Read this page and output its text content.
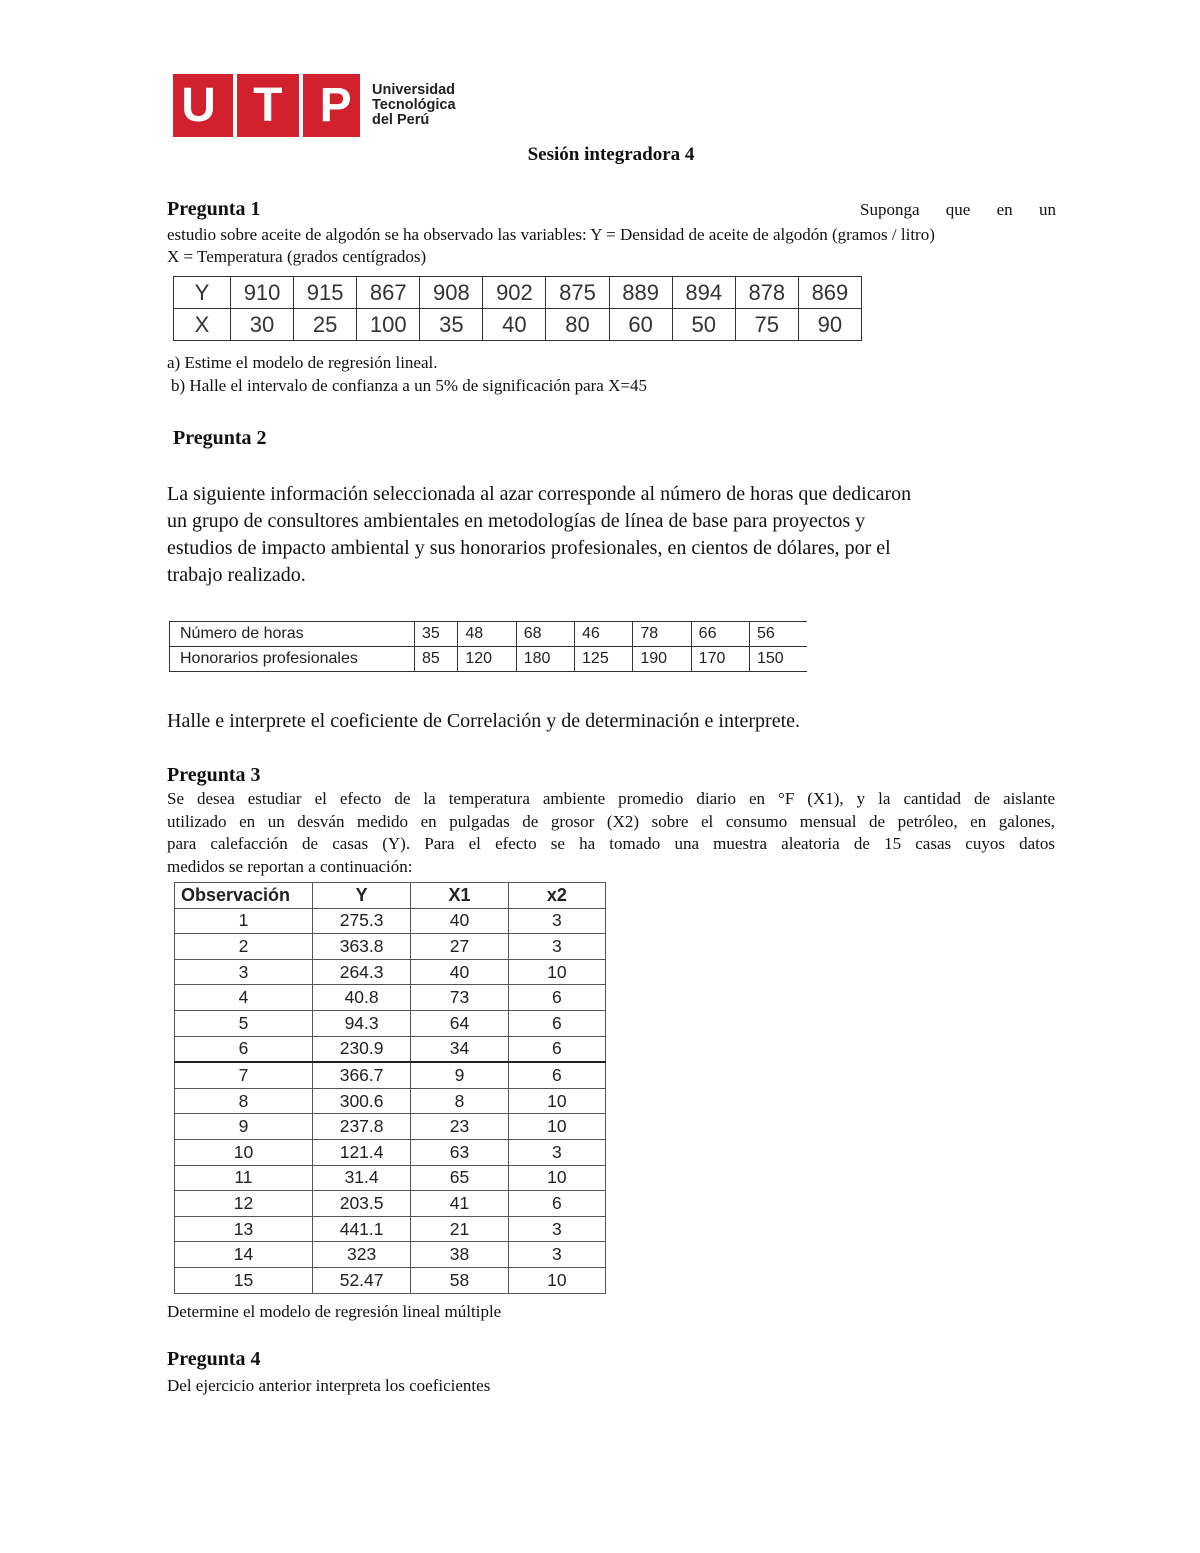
U T P Universidad
Tecnológica
del Perú
Sesión integradora 4
Pregunta 1	Suponga que en un
estudio sobre aceite de algodón se ha observado las variables: Y = Densidad de aceite de algodón (gramos / litro)
X = Temperatura (grados centígrados)
Y	910	915	867	908	902	875	889	894	878	869
X	30	25	100	35	40	80	60	50	75	90
a) Estime el modelo de regresión lineal.
b) Halle el intervalo de confianza a un 5% de significación para X=45
Pregunta 2
La siguiente información seleccionada al azar corresponde al número de horas que dedicaron
un grupo de consultores ambientales en metodologías de línea de base para proyectos y
estudios de impacto ambiental y sus honorarios profesionales, en cientos de dólares, por el
trabajo realizado.
Número de horas	35	48	68	46	78	66	56
Honorarios profesionales	85	120	180	125	190	170	150
Halle e interprete el coeficiente de Correlación y de determinación e interprete.
Pregunta 3
Se desea estudiar el efecto de la temperatura ambiente promedio diario en °F (X1), y la cantidad de aislante
utilizado en un desván medido en pulgadas de grosor (X2) sobre el consumo mensual de petróleo, en galones,
para calefacción de casas (Y). Para el efecto se ha tomado una muestra aleatoria de 15 casas cuyos datos
medidos se reportan a continuación:
Observación	Y	X1	x2
1	275.3	40	3
2	363.8	27	3
3	264.3	40	10
4	40.8	73	6
5	94.3	64	6
6	230.9	34	6
7	366.7	9	6
8	300.6	8	10
9	237.8	23	10
10	121.4	63	3
11	31.4	65	10
12	203.5	41	6
13	441.1	21	3
14	323	38	3
15	52.47	58	10
Determine el modelo de regresión lineal múltiple
Pregunta 4
Del ejercicio anterior interpreta los coeficientes
